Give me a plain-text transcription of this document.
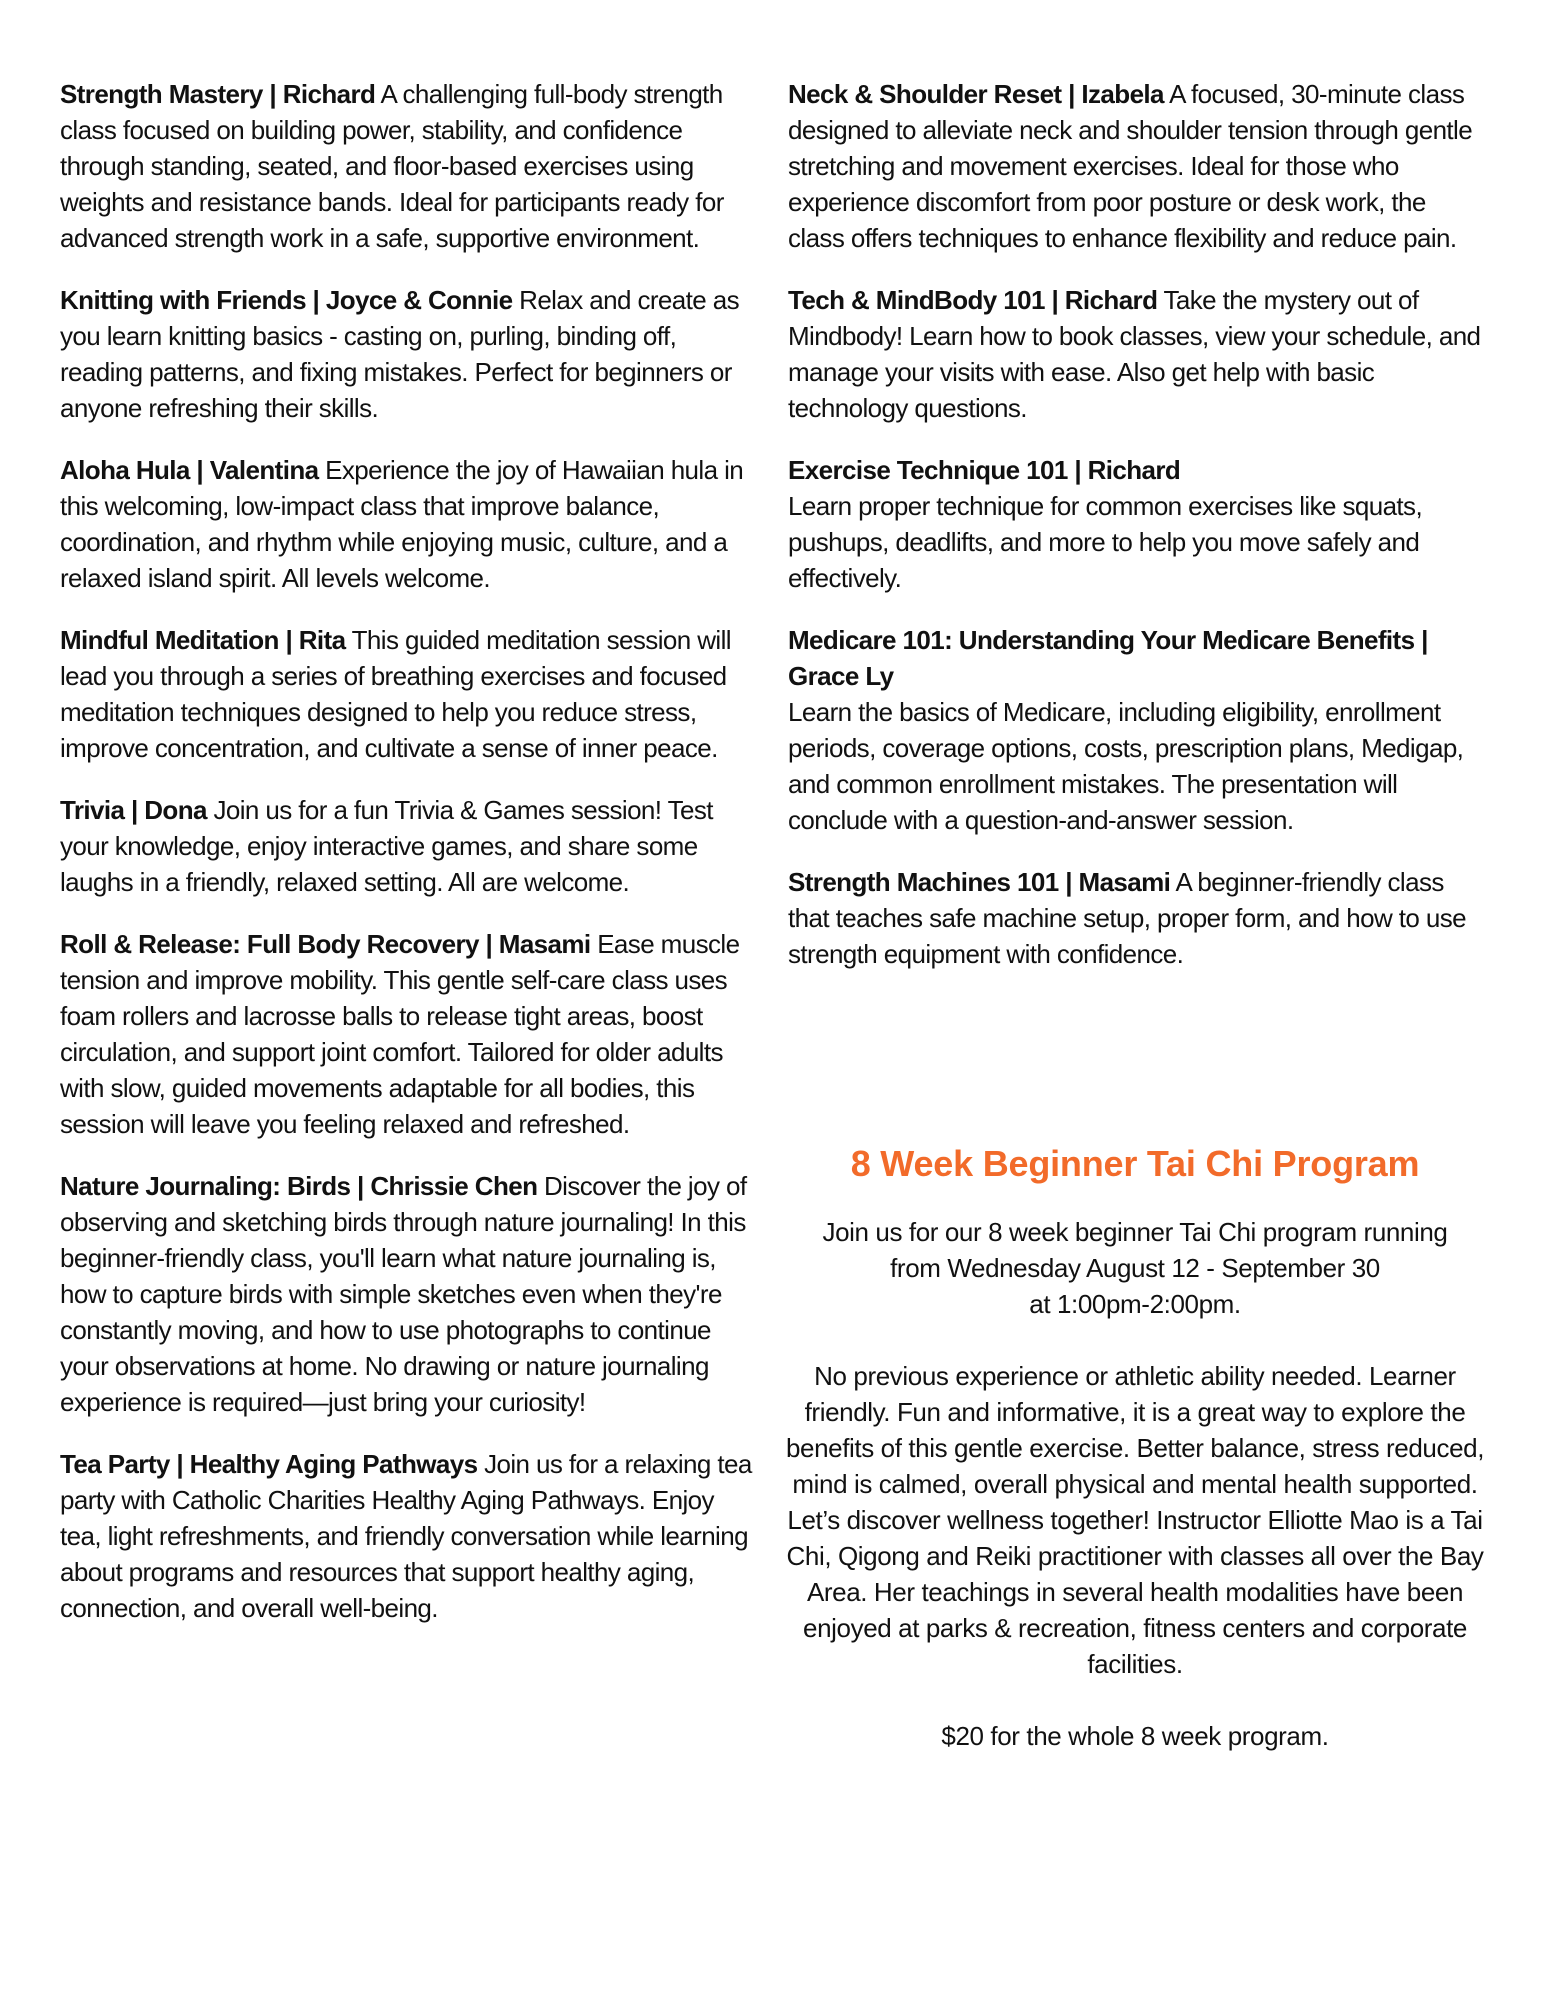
Strength Mastery | Richard A challenging full-body strength class focused on building power, stability, and confidence through standing, seated, and floor-based exercises using weights and resistance bands. Ideal for participants ready for advanced strength work in a safe, supportive environment.

Knitting with Friends | Joyce & Connie Relax and create as you learn knitting basics - casting on, purling, binding off, reading patterns, and fixing mistakes. Perfect for beginners or anyone refreshing their skills.

Aloha Hula | Valentina Experience the joy of Hawaiian hula in this welcoming, low-impact class that improve balance, coordination, and rhythm while enjoying music, culture, and a relaxed island spirit. All levels welcome.

Mindful Meditation | Rita This guided meditation session will lead you through a series of breathing exercises and focused meditation techniques designed to help you reduce stress, improve concentration, and cultivate a sense of inner peace.

Trivia | Dona Join us for a fun Trivia & Games session! Test your knowledge, enjoy interactive games, and share some laughs in a friendly, relaxed setting. All are welcome.

Roll & Release: Full Body Recovery | Masami Ease muscle tension and improve mobility. This gentle self-care class uses foam rollers and lacrosse balls to release tight areas, boost circulation, and support joint comfort. Tailored for older adults with slow, guided movements adaptable for all bodies, this session will leave you feeling relaxed and refreshed.

Nature Journaling: Birds | Chrissie Chen Discover the joy of observing and sketching birds through nature journaling! In this beginner-friendly class, you'll learn what nature journaling is, how to capture birds with simple sketches even when they're constantly moving, and how to use photographs to continue your observations at home. No drawing or nature journaling experience is required—just bring your curiosity!

Tea Party | Healthy Aging Pathways Join us for a relaxing tea party with Catholic Charities Healthy Aging Pathways. Enjoy tea, light refreshments, and friendly conversation while learning about programs and resources that support healthy aging, connection, and overall well-being.

Neck & Shoulder Reset | Izabela A focused, 30-minute class designed to alleviate neck and shoulder tension through gentle stretching and movement exercises. Ideal for those who experience discomfort from poor posture or desk work, the class offers techniques to enhance flexibility and reduce pain.

Tech & MindBody 101 | Richard Take the mystery out of Mindbody! Learn how to book classes, view your schedule, and manage your visits with ease. Also get help with basic technology questions.

Exercise Technique 101 | Richard
Learn proper technique for common exercises like squats, pushups, deadlifts, and more to help you move safely and effectively.

Medicare 101: Understanding Your Medicare Benefits | Grace Ly
Learn the basics of Medicare, including eligibility, enrollment periods, coverage options, costs, prescription plans, Medigap, and common enrollment mistakes. The presentation will conclude with a question-and-answer session.

Strength Machines 101 | Masami A beginner-friendly class that teaches safe machine setup, proper form, and how to use strength equipment with confidence.

8 Week Beginner Tai Chi Program

Join us for our 8 week beginner Tai Chi program running
from Wednesday August 12 - September 30
at 1:00pm-2:00pm.

No previous experience or athletic ability needed. Learner friendly. Fun and informative, it is a great way to explore the benefits of this gentle exercise. Better balance, stress reduced, mind is calmed, overall physical and mental health supported. Let’s discover wellness together! Instructor Elliotte Mao is a Tai Chi, Qigong and Reiki practitioner with classes all over the Bay Area. Her teachings in several health modalities have been enjoyed at parks & recreation, fitness centers and corporate facilities.

$20 for the whole 8 week program.
